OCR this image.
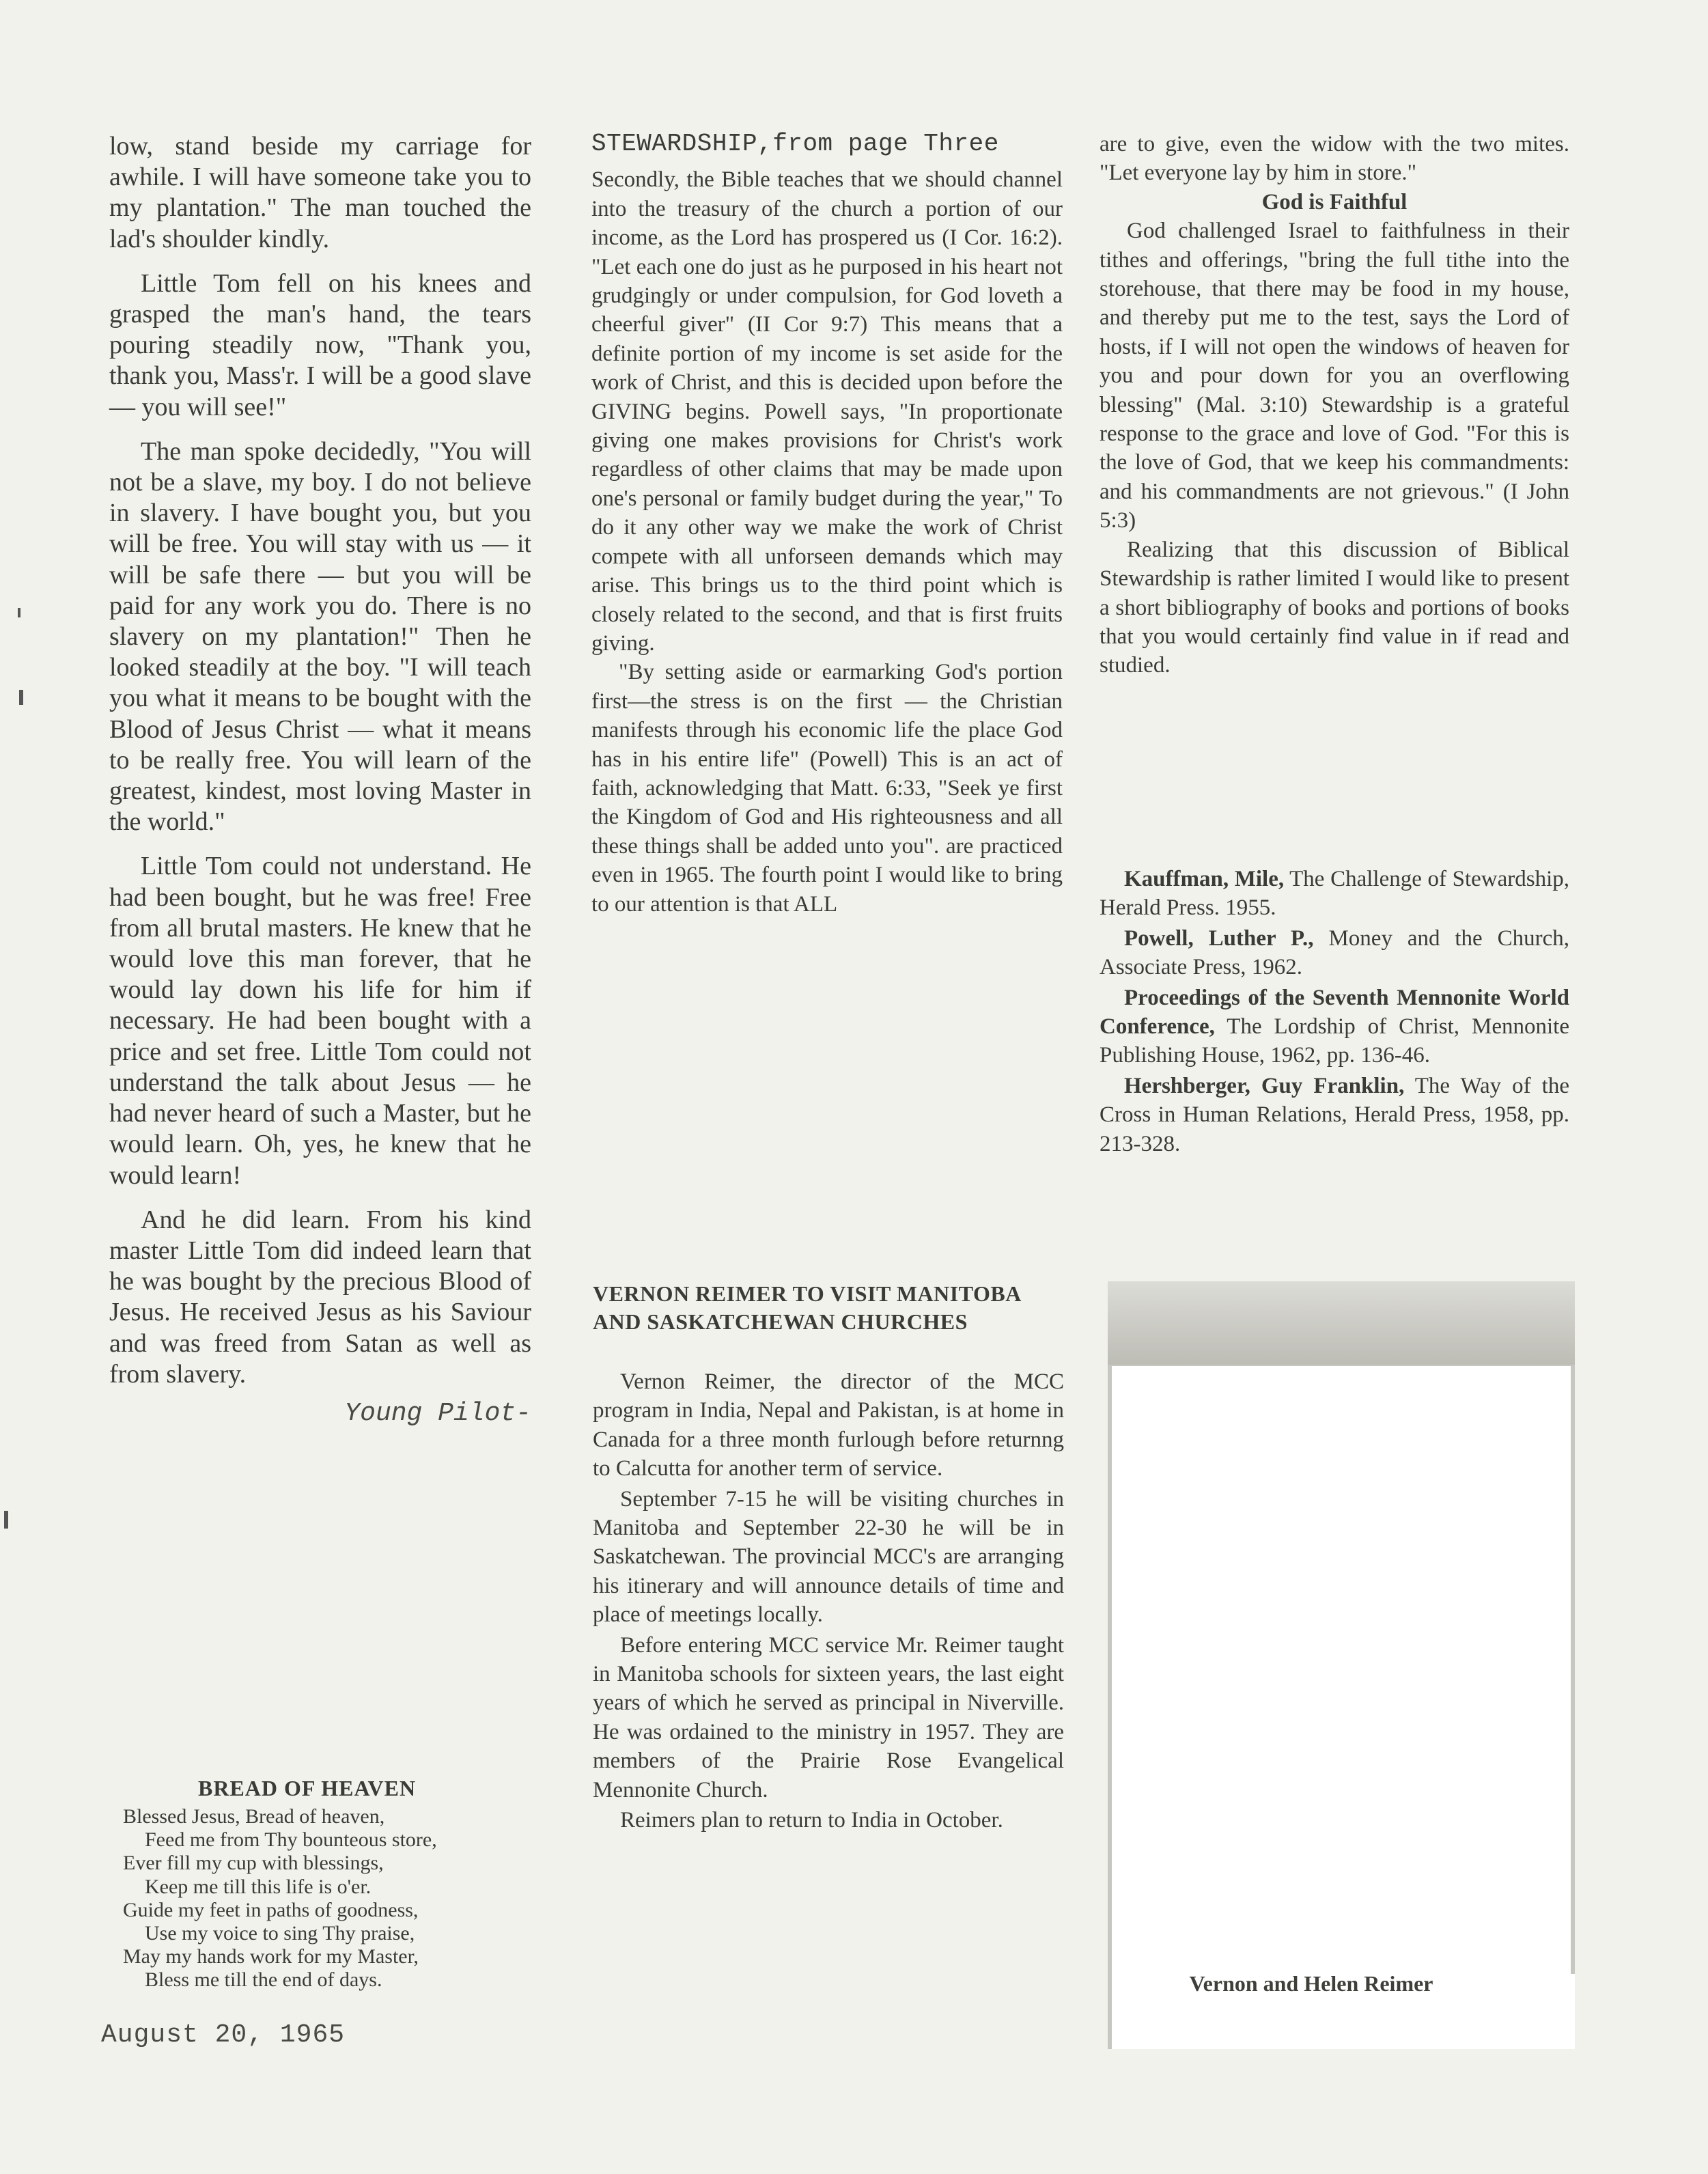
low, stand beside my carriage for awhile. I will have someone take you to my plantation." The man touched the lad's shoulder kindly.

Little Tom fell on his knees and grasped the man's hand, the tears pouring steadily now, "Thank you, thank you, Mass'r. I will be a good slave — you will see!"

The man spoke decidedly, "You will not be a slave, my boy. I do not believe in slavery. I have bought you, but you will be free. You will stay with us — it will be safe there — but you will be paid for any work you do. There is no slavery on my plantation!" Then he looked steadily at the boy. "I will teach you what it means to be bought with the Blood of Jesus Christ — what it means to be really free. You will learn of the greatest, kindest, most loving Master in the world."

Little Tom could not understand. He had been bought, but he was free! Free from all brutal masters. He knew that he would love this man forever, that he would lay down his life for him if necessary. He had been bought with a price and set free. Little Tom could not understand the talk about Jesus — he had never heard of such a Master, but he would learn. Oh, yes, he knew that he would learn!

And he did learn. From his kind master Little Tom did indeed learn that he was bought by the precious Blood of Jesus. He received Jesus as his Saviour and was freed from Satan as well as from slavery.

Young Pilot-
BREAD OF HEAVEN
Blessed Jesus, Bread of heaven,
Feed me from Thy bounteous store,
Ever fill my cup with blessings,
Keep me till this life is o'er.
Guide my feet in paths of goodness,
Use my voice to sing Thy praise,
May my hands work for my Master,
Bless me till the end of days.
STEWARDSHIP,from page Three

Secondly, the Bible teaches that we should channel into the treasury of the church a portion of our income, as the Lord has prospered us (I Cor. 16:2). "Let each one do just as he purposed in his heart not grudgingly or under compulsion, for God loveth a cheerful giver" (II Cor 9:7) This means that a definite portion of my income is set aside for the work of Christ, and this is decided upon before the GIVING begins. Powell says, "In proportionate giving one makes provisions for Christ's work regardless of other claims that may be made upon one's personal or family budget during the year," To do it any other way we make the work of Christ compete with all unforseen demands which may arise. This brings us to the third point which is closely related to the second, and that is first fruits giving.

"By setting aside or earmarking God's portion first—the stress is on the first — the Christian manifests through his economic life the place God has in his entire life" (Powell) This is an act of faith, acknowledging that Matt. 6:33, "Seek ye first the Kingdom of God and His righteousness and all these things shall be added unto you". are practiced even in 1965. The fourth point I would like to bring to our attention is that ALL

are to give, even the widow with the two mites. "Let everyone lay by him in store."

God is Faithful

God challenged Israel to faithfulness in their tithes and offerings, "bring the full tithe into the storehouse, that there may be food in my house, and thereby put me to the test, says the Lord of hosts, if I will not open the windows of heaven for you and pour down for you an overflowing blessing" (Mal. 3:10) Stewardship is a grateful response to the grace and love of God. "For this is the love of God, that we keep his commandments: and his commandments are not grievous." (I John 5:3)

Realizing that this discussion of Biblical Stewardship is rather limited I would like to present a short bibliography of books and portions of books that you would certainly find value in if read and studied.

Kauffman, Mile, The Challenge of Stewardship, Herald Press. 1955.

Powell, Luther P., Money and the Church, Associate Press, 1962.

Proceedings of the Seventh Mennonite World Conference, The Lordship of Christ, Mennonite Publishing House, 1962, pp. 136-46.

Hershberger, Guy Franklin, The Way of the Cross in Human Relations, Herald Press, 1958, pp. 213-328.

VERNON REIMER TO VISIT MANITOBA AND SASKATCHEWAN CHURCHES

Vernon Reimer, the director of the MCC program in India, Nepal and Pakistan, is at home in Canada for a three month furlough before returnng to Calcutta for another term of service.

September 7-15 he will be visiting churches in Manitoba and September 22-30 he will be in Saskatchewan. The provincial MCC's are arranging his itinerary and will announce details of time and place of meetings locally.

Before entering MCC service Mr. Reimer taught in Manitoba schools for sixteen years, the last eight years of which he served as principal in Niverville. He was ordained to the ministry in 1957. They are members of the Prairie Rose Evangelical Mennonite Church.

Reimers plan to return to India in October.

Vernon and Helen Reimer
August 20, 1965
